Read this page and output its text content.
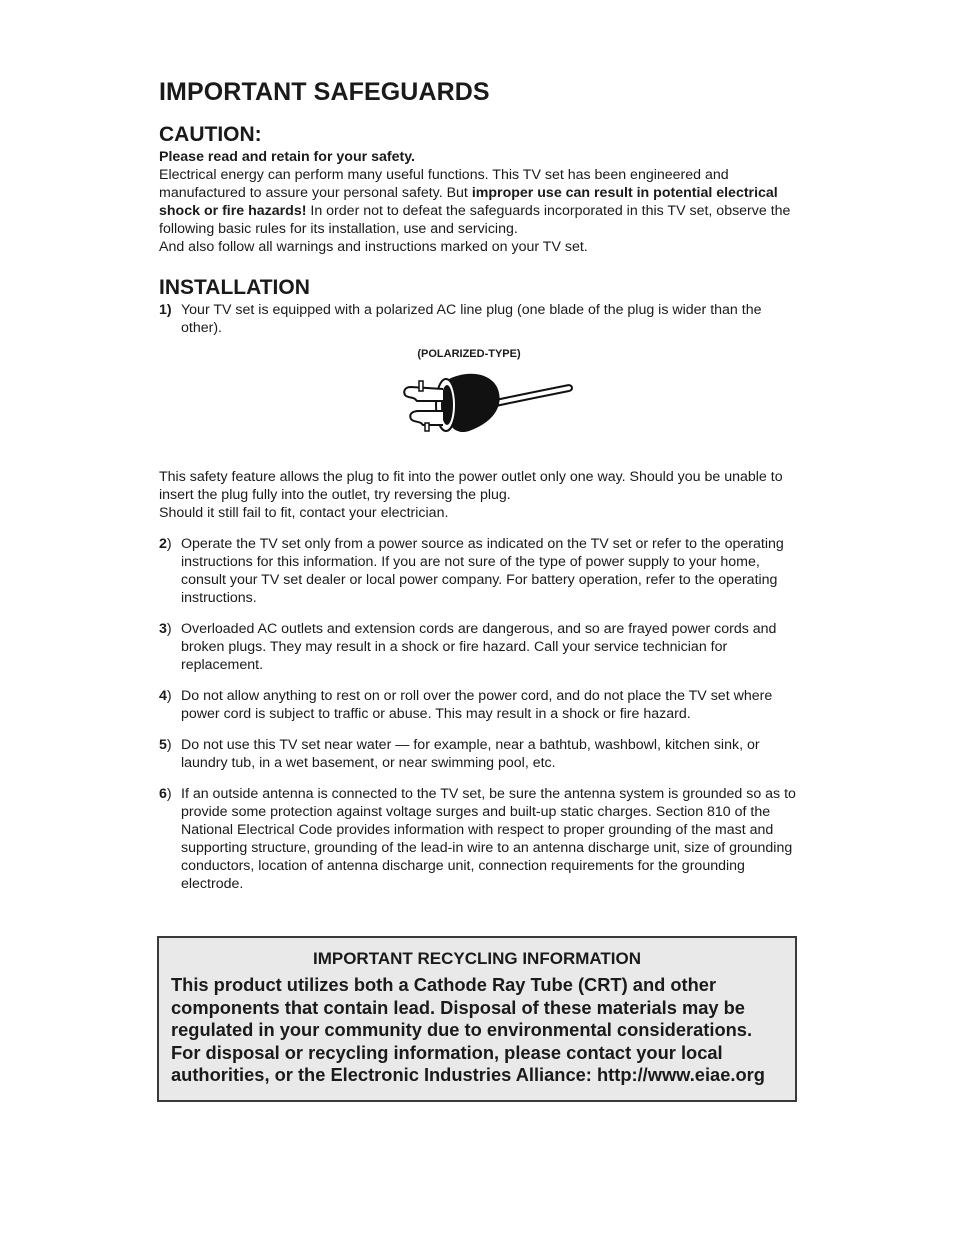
IMPORTANT SAFEGUARDS
CAUTION:

Please read and retain for your safety.

Electrical energy can perform many useful functions. This TV set has been engineered and manufactured to assure your personal safety. But improper use can result in potential electrical shock or fire hazards! In order not to defeat the safeguards incorporated in this TV set, observe the following basic rules for its installation, use and servicing.

And also follow all warnings and instructions marked on your TV set.

INSTALLATION
1) Your TV set is equipped with a polarized AC line plug (one blade of the plug is wider than the other).
(POLARIZED-TYPE)

This safety feature allows the plug to fit into the power outlet only one way. Should you be unable to insert the plug fully into the outlet, try reversing the plug.

Should it still fail to fit, contact your electrician.

2) Operate the TV set only from a power source as indicated on the TV set or refer to the operating instructions for this information. If you are not sure of the type of power supply to your home, consult your TV set dealer or local power company. For battery operation, refer to the operating instructions.
3) Overloaded AC outlets and extension cords are dangerous, and so are frayed power cords and broken plugs. They may result in a shock or fire hazard. Call your service technician for replacement.
4) Do not allow anything to rest on or roll over the power cord, and do not place the TV set where power cord is subject to traffic or abuse. This may result in a shock or fire hazard.
5) Do not use this TV set near water — for example, near a bathtub, washbowl, kitchen sink, or laundry tub, in a wet basement, or near swimming pool, etc.
6) If an outside antenna is connected to the TV set, be sure the antenna system is grounded so as to provide some protection against voltage surges and built-up static charges. Section 810 of the National Electrical Code provides information with respect to proper grounding of the mast and supporting structure, grounding of the lead-in wire to an antenna discharge unit, size of grounding conductors, location of antenna discharge unit, connection requirements for the grounding electrode.
IMPORTANT RECYCLING INFORMATION
This product utilizes both a Cathode Ray Tube (CRT) and other components that contain lead. Disposal of these materials may be regulated in your community due to environmental considerations. For disposal or recycling information, please contact your local authorities, or the Electronic Industries Alliance: http://www.eiae.org
